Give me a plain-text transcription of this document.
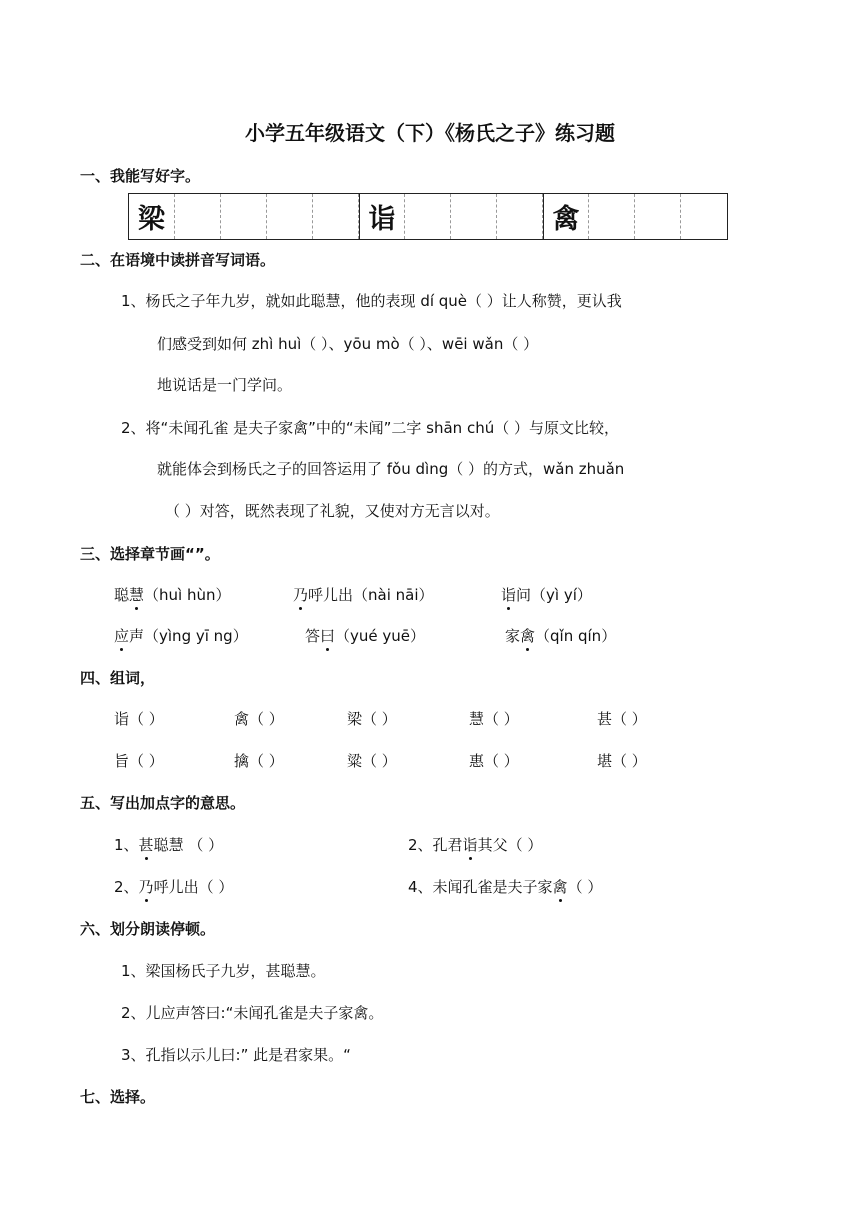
小学五年级语文（下）《杨氏之子》练习题
一、我能写好字。
梁	诣	禽
二、在语境中读拼音写词语。
1、杨氏之子年九岁，就如此聪慧，他的表现 dí què（ ）让人称赞，更认我
们感受到如何 zhì huì（ ）、yōu mò（ ）、wēi wǎn（ ）
地说话是一门学问。
2、将“未闻孔雀 是夫子家禽”中的“未闻”二字 shān chú（ ）与原文比较，
就能体会到杨氏之子的回答运用了 fǒu dìng（ ）的方式，wǎn zhuǎn
（ ）对答，既然表现了礼貌，又使对方无言以对。
三、选择章节画“”。
聪慧（huì hùn）	乃呼儿出（nài nāi）	诣问（yì yí）
应声（yìng yī ng）	答曰（yué yuē）	家禽（qǐn qín）
四、组词，
诣（ ）	禽（ ）	梁（ ）	慧（ ）	甚（ ）
旨（ ）	擒（ ）	粱（ ）	惠（ ）	堪（ ）
五、写出加点字的意思。
1、甚聪慧 （ ）	2、孔君诣其父（ ）
2、乃呼儿出（ ）	4、未闻孔雀是夫子家禽（ ）
六、划分朗读停顿。
1、梁国杨氏子九岁，甚聪慧。
2、儿应声答曰:“未闻孔雀是夫子家禽。
3、孔指以示儿曰:” 此是君家果。“
七、选择。
